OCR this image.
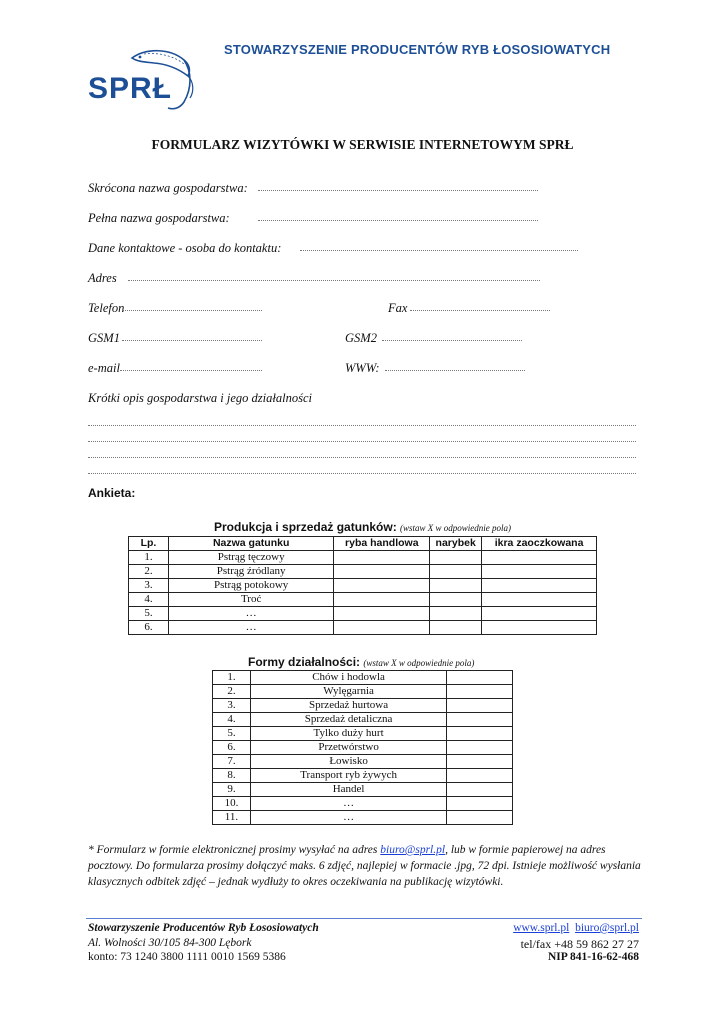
STOWARZYSZENIE PRODUCENTÓW RYB ŁOSOSIOWATYCH
SPRŁ
FORMULARZ WIZYTÓWKI W SERWISIE INTERNETOWYM SPRŁ
Skrócona nazwa gospodarstwa:
Pełna nazwa gospodarstwa:
Dane kontaktowe - osoba do kontaktu:
Adres
Telefon	Fax
GSM1	GSM2
e-mail	WWW:
Krótki opis gospodarstwa i jego działalności
Ankieta:
Produkcja i sprzedaż gatunków: (wstaw X w odpowiednie pola)
Lp.	Nazwa gatunku	ryba handlowa	narybek	ikra zaoczkowana
1.	Pstrąg tęczowy			
2.	Pstrąg źródlany			
3.	Pstrąg potokowy			
4.	Troć			
5.	…			
6.	…			
Formy działalności: (wstaw X w odpowiednie pola)
1.	Chów i hodowla	
2.	Wylęgarnia	
3.	Sprzedaż hurtowa	
4.	Sprzedaż detaliczna	
5.	Tylko duży hurt	
6.	Przetwórstwo	
7.	Łowisko	
8.	Transport ryb żywych	
9.	Handel	
10.	…	
11.	…	
* Formularz w formie elektronicznej prosimy wysyłać na adres biuro@sprl.pl, lub w formie papierowej na adres pocztowy. Do formularza prosimy dołączyć maks. 6 zdjęć, najlepiej w formacie .jpg, 72 dpi. Istnieje możliwość wysłania klasycznych odbitek zdjęć – jednak wydłuży to okres oczekiwania na publikację wizytówki.
Stowarzyszenie Producentów Ryb Łososiowatych
Al. Wolności 30/105 84-300 Lębork
konto: 73 1240 3800 1111 0010 1569 5386
www.sprl.pl biuro@sprl.pl
tel/fax +48 59 862 27 27
NIP 841-16-62-468
